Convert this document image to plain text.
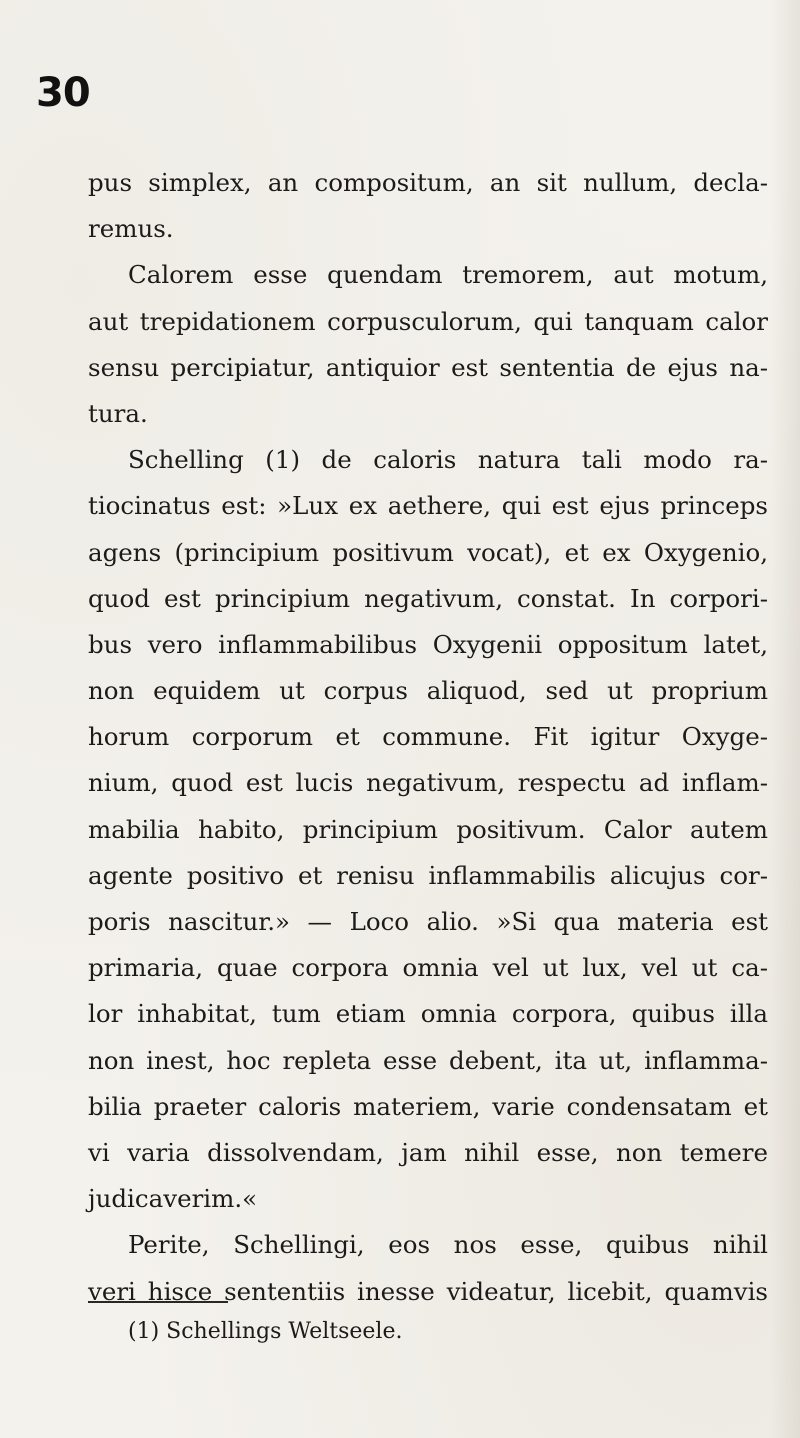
30
pus simplex, an compositum, an sit nullum, decla-
remus.
Calorem esse quendam tremorem, aut motum,
aut trepidationem corpusculorum, qui tanquam calor
sensu percipiatur, antiquior est sententia de ejus na-
tura.
Schelling (1) de caloris natura tali modo ra-
tiocinatus est: »Lux ex aethere, qui est ejus princeps
agens (principium positivum vocat), et ex Oxygenio,
quod est principium negativum, constat. In corpori-
bus vero inflammabilibus Oxygenii oppositum latet,
non equidem ut corpus aliquod, sed ut proprium
horum corporum et commune. Fit igitur Oxyge-
nium, quod est lucis negativum, respectu ad inflam-
mabilia habito, principium positivum. Calor autem
agente positivo et renisu inflammabilis alicujus cor-
poris nascitur.» — Loco alio. »Si qua materia est
primaria, quae corpora omnia vel ut lux, vel ut ca-
lor inhabitat, tum etiam omnia corpora, quibus illa
non inest, hoc repleta esse debent, ita ut, inflamma-
bilia praeter caloris materiem, varie condensatam et
vi varia dissolvendam, jam nihil esse, non temere
judicaverim.«
Perite, Schellingi, eos nos esse, quibus nihil
veri hisce sententiis inesse videatur, licebit, quamvis
(1) Schellings Weltseele.
